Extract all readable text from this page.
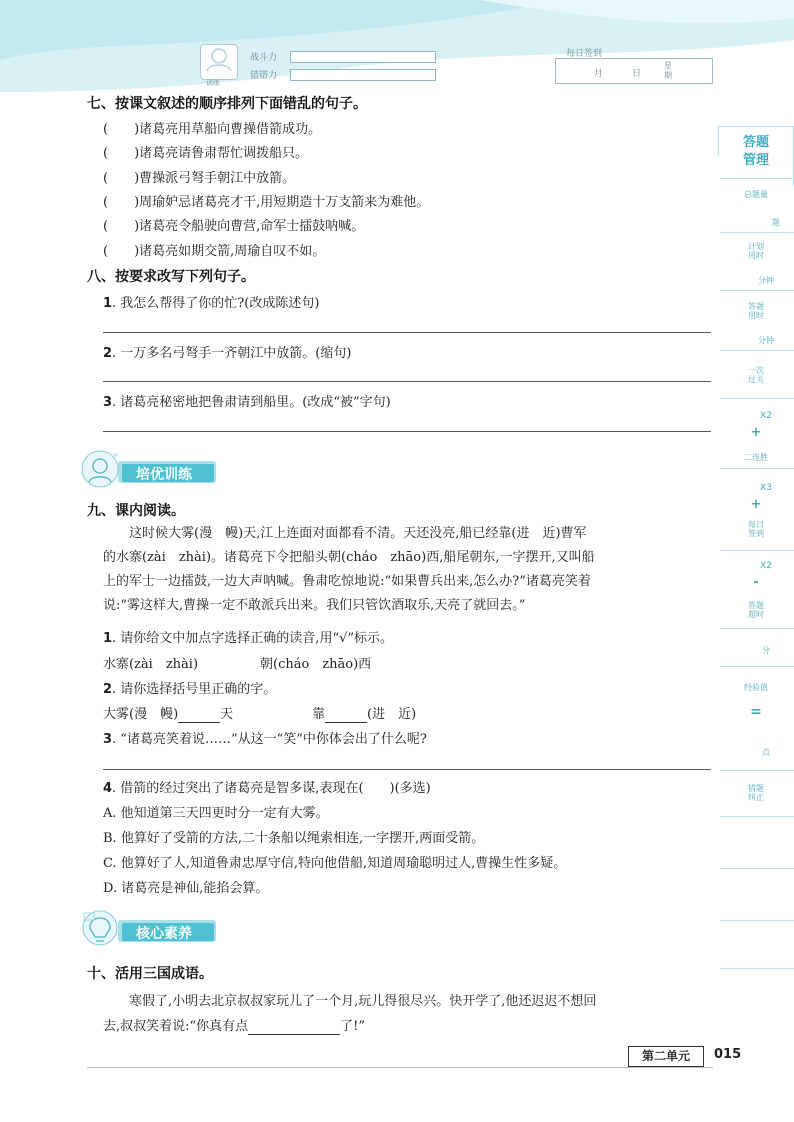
训练
战斗力
错错力
每日签到
月	日
星
期
七、按课文叙述的顺序排列下面错乱的句子。
(　　)诸葛亮用草船向曹操借箭成功。
(　　)诸葛亮请鲁肃帮忙调拨船只。
(　　)曹操派弓弩手朝江中放箭。
(　　)周瑜妒忌诸葛亮才干,用短期造十万支箭来为难他。
(　　)诸葛亮令船驶向曹营,命军士擂鼓呐喊。
(　　)诸葛亮如期交箭,周瑜自叹不如。
八、按要求改写下列句子。
1. 我怎么帮得了你的忙?(改成陈述句)
2. 一万多名弓弩手一齐朝江中放箭。(缩句)
3. 诸葛亮秘密地把鲁肃请到船里。(改成“被”字句)
培优训练
九、课内阅读。
　　这时候大雾(漫　幔)天,江上连面对面都看不清。天还没亮,船已经靠(进　近)曹军
的水寨(zài　zhài)。诸葛亮下令把船头朝(cháo　zhāo)西,船尾朝东,一字摆开,又叫船
上的军士一边擂鼓,一边大声呐喊。鲁肃吃惊地说:“如果曹兵出来,怎么办?”诸葛亮笑着
说:“雾这样大,曹操一定不敢派兵出来。我们只管饮酒取乐,天亮了就回去。”
1. 请你给文中加点字选择正确的读音,用“√”标示。
水寨(zài　zhài)	朝(cháo　zhāo)西
2. 请你选择括号里正确的字。
大雾(漫　幔)	天	靠	(进　近)
3. “诸葛亮笑着说……”从这一“笑”中你体会出了什么呢?
4. 借箭的经过突出了诸葛亮是智多谋,表现在(　　)(多选)
A. 他知道第三天四更时分一定有大雾。
B. 他算好了受箭的方法,二十条船以绳索相连,一字摆开,两面受箭。
C. 他算好了人,知道鲁肃忠厚守信,特向他借船,知道周瑜聪明过人,曹操生性多疑。
D. 诸葛亮是神仙,能掐会算。
核心素养
十、活用三国成语。
　　寒假了,小明去北京叔叔家玩儿了一个月,玩儿得很尽兴。快开学了,他还迟迟不想回
去,叔叔笑着说:“你真有点	了!”
答题
管理
总题量
题
计划
用时
分钟
答题
用时
分钟
一次
过关
X2
+
二连胜
X3
+
每日
签到
X2
-
答题
超时
分
经验值
=
点
错题
纠正
第二单元	015
